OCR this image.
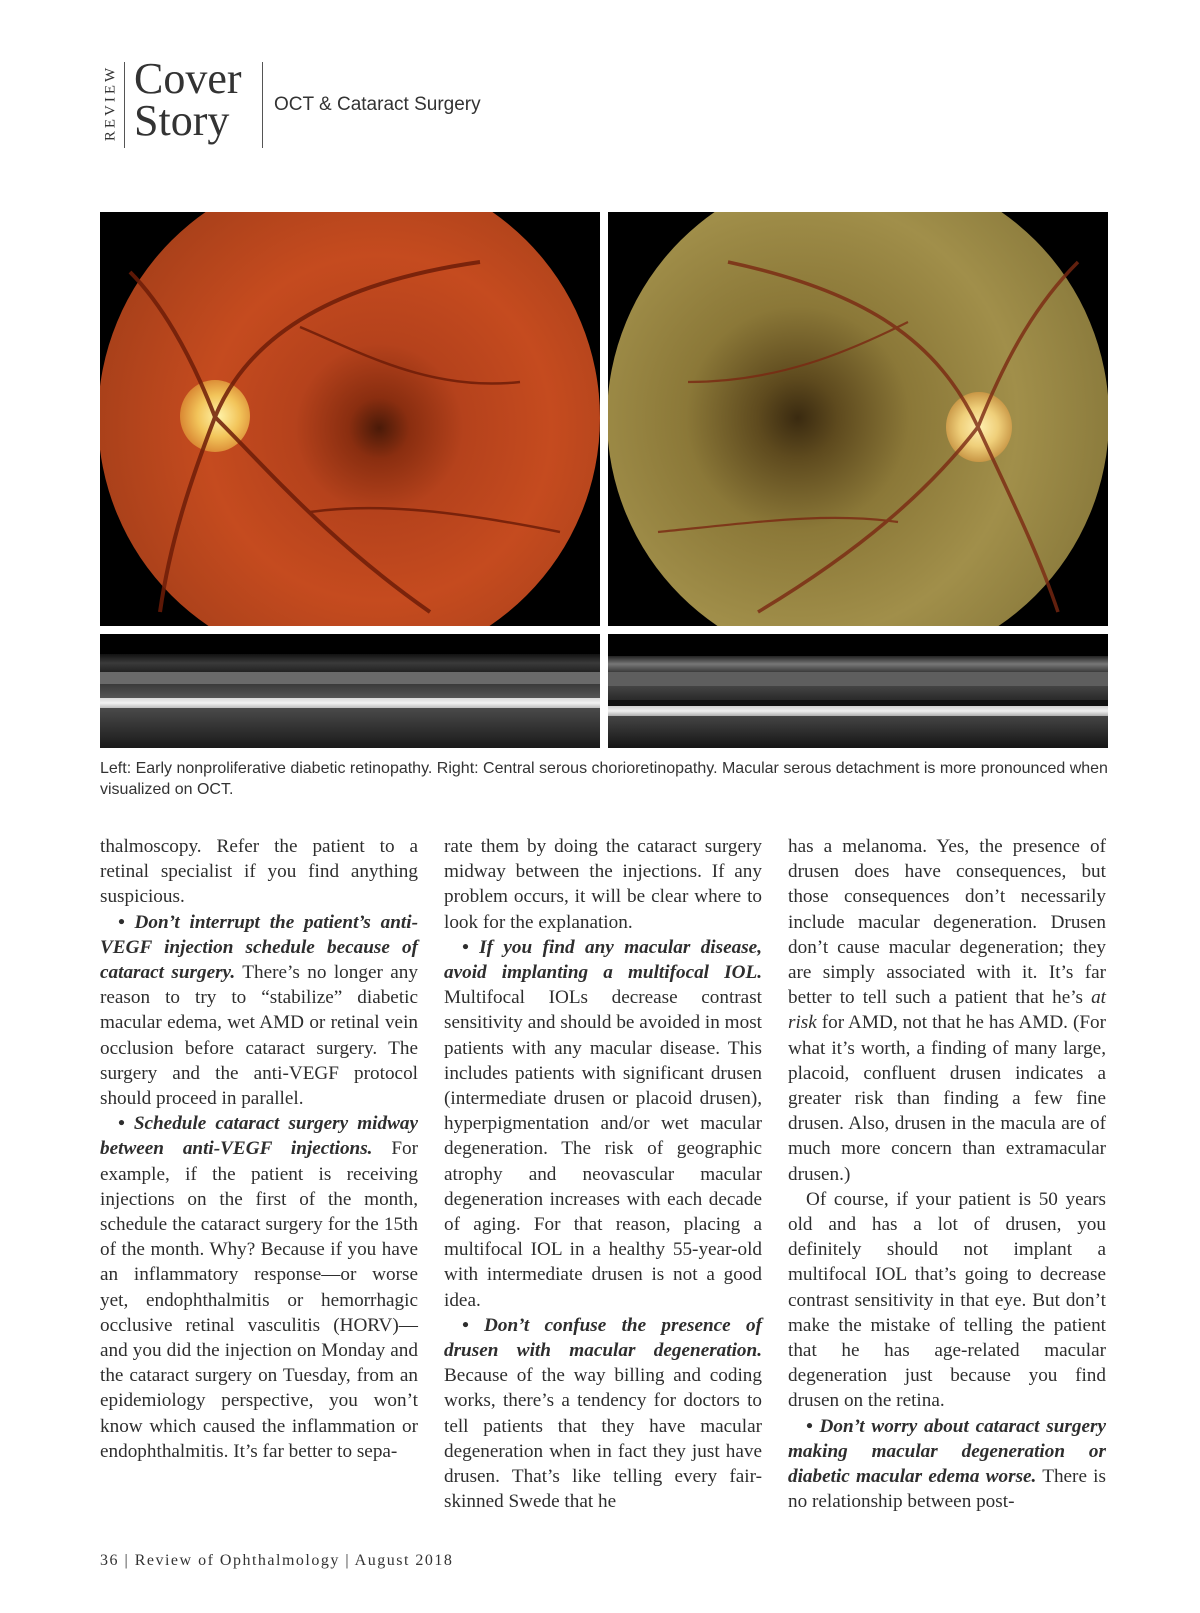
REVIEW Cover
Story	OCT & Cataract Surgery
Left: Early nonproliferative diabetic retinopathy. Right: Central serous chorioretinopathy. Macular serous detachment is more pronounced when visualized on OCT.

thalmoscopy. Refer the patient to a retinal specialist if you find anything suspicious.

• Don’t interrupt the patient’s anti-VEGF injection schedule because of cataract surgery. There’s no longer any reason to try to “stabilize” diabetic macular edema, wet AMD or retinal vein occlusion before cataract surgery. The surgery and the anti-VEGF protocol should proceed in parallel.

• Schedule cataract surgery midway between anti-VEGF injections. For example, if the patient is receiving injections on the first of the month, schedule the cataract surgery for the 15th of the month. Why? Because if you have an inflammatory response—or worse yet, endophthalmitis or hemorrhagic occlusive retinal vasculitis (HORV)—and you did the injection on Monday and the cataract surgery on Tuesday, from an epidemiology perspective, you won’t know which caused the inflammation or endophthalmitis. It’s far better to sepa-

rate them by doing the cataract surgery midway between the injections. If any problem occurs, it will be clear where to look for the explanation.

• If you find any macular disease, avoid implanting a multifocal IOL. Multifocal IOLs decrease contrast sensitivity and should be avoided in most patients with any macular disease. This includes patients with significant drusen (intermediate drusen or placoid drusen), hyperpigmentation and/or wet macular degeneration. The risk of geographic atrophy and neovascular macular degeneration increases with each decade of aging. For that reason, placing a multifocal IOL in a healthy 55-year-old with intermediate drusen is not a good idea.

• Don’t confuse the presence of drusen with macular degeneration. Because of the way billing and coding works, there’s a tendency for doctors to tell patients that they have macular degeneration when in fact they just have drusen. That’s like telling every fair-skinned Swede that he

has a melanoma. Yes, the presence of drusen does have consequences, but those consequences don’t necessarily include macular degeneration. Drusen don’t cause macular degeneration; they are simply associated with it. It’s far better to tell such a patient that he’s at risk for AMD, not that he has AMD. (For what it’s worth, a finding of many large, placoid, confluent drusen indicates a greater risk than finding a few fine drusen. Also, drusen in the macula are of much more concern than extramacular drusen.)

Of course, if your patient is 50 years old and has a lot of drusen, you definitely should not implant a multifocal IOL that’s going to decrease contrast sensitivity in that eye. But don’t make the mistake of telling the patient that he has age-related macular degeneration just because you find drusen on the retina.

• Don’t worry about cataract surgery making macular degeneration or diabetic macular edema worse. There is no relationship between post-

36 | Review of Ophthalmology | August 2018
